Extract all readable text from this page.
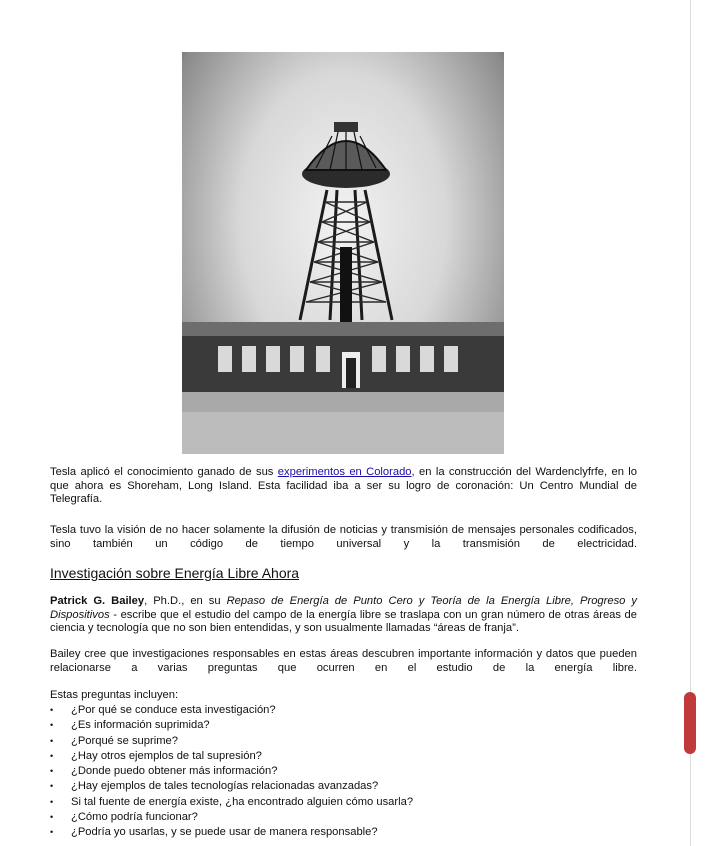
Tesla aplicó el conocimiento ganado de sus experimentos en Colorado, en la construcción del Wardenclyfrfe, en lo que ahora es Shoreham, Long Island. Esta facilidad iba a ser su logro de coronación: Un Centro Mundial de Telegrafía.

Tesla tuvo la visión de no hacer solamente la difusión de noticias y transmisión de mensajes personales codificados, sino también un código de tiempo universal y la transmisión de electricidad.

Investigación sobre Energía Libre Ahora

Patrick G. Bailey, Ph.D., en su Repaso de Energía de Punto Cero y Teoría de la Energía Libre, Progreso y Dispositivos - escribe que el estudio del campo de la energía libre se traslapa con un gran número de otras áreas de ciencia y tecnología que no son bien entendidas, y son usualmente llamadas “áreas de franja”.

Bailey cree que investigaciones responsables en estas áreas descubren importante información y datos que pueden relacionarse a varias preguntas que ocurren en el estudio de la energía libre.

Estas preguntas incluyen:

• ¿Por qué se conduce esta investigación?
• ¿Es información suprimida?
• ¿Porqué se suprime?
• ¿Hay otros ejemplos de tal supresión?
• ¿Donde puedo obtener más información?
• ¿Hay ejemplos de tales tecnologías relacionadas avanzadas?
• Si tal fuente de energía existe, ¿ha encontrado alguien cómo usarla?
• ¿Cómo podría funcionar?
• ¿Podría yo usarlas, y se puede usar de manera responsable?
